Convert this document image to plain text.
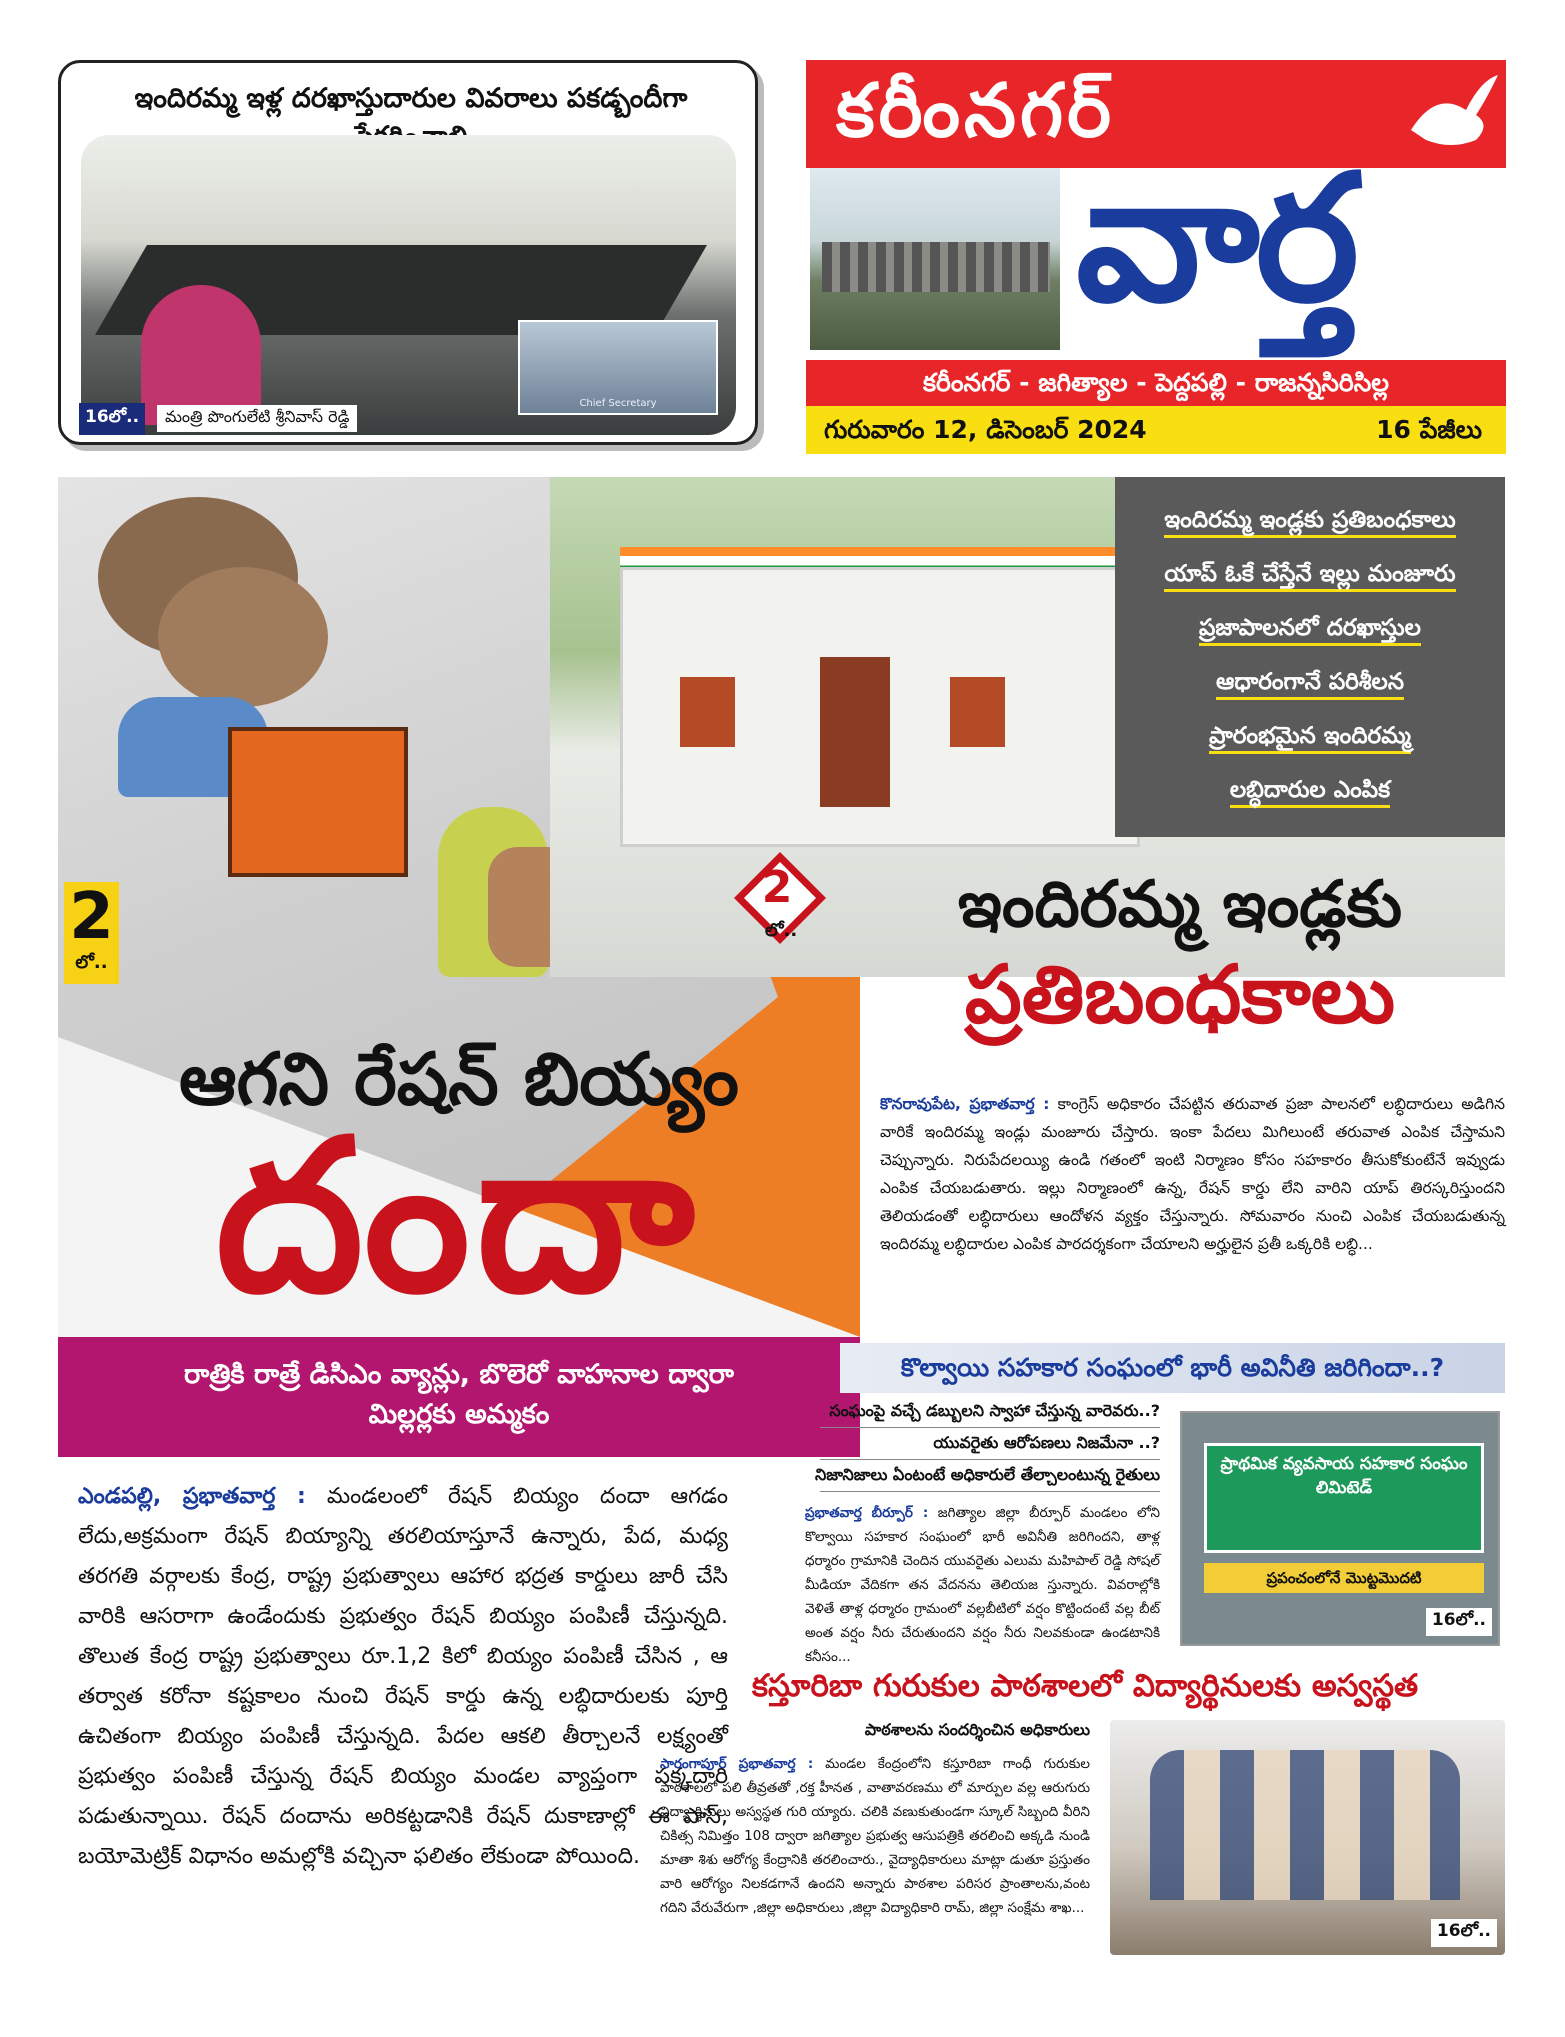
ఇందిరమ్మ ఇళ్ల దరఖాస్తుదారుల వివరాలు పకడ్బందీగా
Chief Secretary
16లో..	మంత్రి పొంగులేటి శ్రీనివాస్ రెడ్డి
కరీంనగర్
వార్త
కరీంనగర్ - జగిత్యాల - పెద్దపల్లి - రాజన్నసిరిసిల్ల
గురువారం 12, డిసెంబర్ 2024	16 పేజీలు
2
లో..
ఆగని రేషన్ బియ్యం
దందా
రాత్రికి రాత్రే డిసిఎం వ్యాన్లు, బొలెరో వాహనాల ద్వారా
మిల్లర్లకు అమ్మకం
ఎండపల్లి, ప్రభాతవార్త : మండలంలో రేషన్ బియ్యం దందా ఆగడం లేదు,అక్రమంగా రేషన్ బియ్యాన్ని తరలియాస్తూనే ఉన్నారు, పేద, మధ్య తరగతి వర్గాలకు కేంద్ర, రాష్ట్ర ప్రభుత్వాలు ఆహార భద్రత కార్డులు జారీ చేసి వారికి ఆసరాగా ఉండేందుకు ప్రభుత్వం రేషన్ బియ్యం పంపిణీ చేస్తున్నది. తొలుత కేంద్ర రాష్ట్ర ప్రభుత్వాలు రూ.1,2 కిలో బియ్యం పంపిణీ చేసిన , ఆ తర్వాత కరోనా కష్టకాలం నుంచి రేషన్ కార్డు ఉన్న లబ్ధిదారులకు పూర్తి ఉచితంగా బియ్యం పంపిణీ చేస్తున్నది. పేదల ఆకలి తీర్చాలనే లక్ష్యంతో ప్రభుత్వం పంపిణీ చేస్తున్న రేషన్ బియ్యం మండల వ్యాప్తంగా పక్కదారి పడుతున్నాయి. రేషన్ దందాను అరికట్టడానికి రేషన్ దుకాణాల్లో ఈ పాస్, బయోమెట్రిక్ విధానం అమల్లోకి వచ్చినా ఫలితం లేకుండా పోయింది.
ఇందిరమ్మ ఇండ్లకు ప్రతిబంధకాలు
యాప్ ఓకే చేస్తేనే ఇల్లు మంజూరు
ప్రజాపాలనలో దరఖాస్తుల
ఆధారంగానే పరిశీలన
ప్రారంభమైన ఇందిరమ్మ
లబ్ధిదారుల ఎంపిక
2
లో..	ఇందిరమ్మ ఇండ్లకు
ప్రతిబంధకాలు
కొనరావుపేట, ప్రభాతవార్త : కాంగ్రెస్ అధికారం చేపట్టిన తరువాత ప్రజా పాలనలో లబ్ధిదారులు అడిగిన వారికే ఇందిరమ్మ ఇండ్లు మంజూరు చేస్తారు. ఇంకా పేదలు మిగిలుంటే తరువాత ఎంపిక చేస్తామని చెప్పున్నారు. నిరుపేదలయ్యి ఉండి గతంలో ఇంటి నిర్మాణం కోసం సహకారం తీసుకోకుంటేనే ఇవ్వుడు ఎంపిక చేయబడుతారు. ఇల్లు నిర్మాణంలో ఉన్న, రేషన్ కార్డు లేని వారిని యాప్ తిరస్కరిస్తుందని తెలియడంతో లబ్ధిదారులు ఆందోళన వ్యక్తం చేస్తున్నారు. సోమవారం నుంచి ఎంపిక చేయబడుతున్న ఇందిరమ్మ లబ్ధిదారుల ఎంపిక పారదర్శకంగా చేయాలని అర్హులైన ప్రతీ ఒక్కరికి లబ్ధి...
కొల్వాయి సహకార సంఘంలో భారీ అవినీతి జరిగిందా..?
సంఘంపై వచ్చే డబ్బులని స్వాహా చేస్తున్న వారెవరు..?
యువరైతు ఆరోపణలు నిజమేనా ..?
నిజానిజాలు ఏంటంటే అధికారులే తేల్చాలంటున్న రైతులు
ప్రభాతవార్త బీర్పూర్ : జగిత్యాల జిల్లా బీర్పూర్ మండలం లోని కొల్వాయి సహకార సంఘంలో భారీ అవినీతి జరిగిందని, తాళ్ల ధర్మారం గ్రామానికి చెందిన యువరైతు ఎలుమ మహిపాల్ రెడ్డి సోషల్ మీడియా వేదికగా తన వేదనను తెలియజ స్తున్నారు. వివరాల్లోకి వెళితే తాళ్ల ధర్మారం గ్రామంలో వల్లబీటిలో వర్షం కొట్టిందంటే వల్ల బీట్ అంత వర్షం నీరు చేరుతుందని వర్షం నీరు నిలవకుండా ఉండటానికి కనీసం...
ప్రాథమిక వ్యవసాయ సహకార సంఘం లిమిటెడ్
ప్రపంచంలోనే మొట్టమొదటి
16లో..
కస్తూరిబా గురుకుల పాఠశాలలో విద్యార్థినులకు అస్వస్థత
పాఠశాలను సందర్శించిన అధికారులు
సారంగాపూర్ ప్రభాతవార్త : మండల కేంద్రంలోని కస్తూరిబా గాంధీ గురుకుల పాఠశాలలో పలి తీవ్రతతో ,రక్త హీనత , వాతావరణము లో మార్పుల వల్ల ఆరుగురు విద్యా ర్థినులు అస్వస్థత గురి య్యారు. చలికి వణుకుతుండగా స్కూల్ సిబ్బంది వీరిని చికిత్స నిమిత్తం 108 ద్వారా జగిత్యాల ప్రభుత్వ ఆసుపత్రికి తరలించి అక్కడి నుండి మాతా శిశు ఆరోగ్య కేంద్రానికి తరలించారు., వైద్యాధికారులు మాట్లా డుతూ ప్రస్తుతం వారి ఆరోగ్యం నిలకడగానే ఉందని అన్నారు పాఠశాల పరిసర ప్రాంతాలను,వంట గదిని వేరువేరుగా ,జిల్లా అధికారులు ,జిల్లా విద్యాధికారి రామ్, జిల్లా సంక్షేమ శాఖ...
16లో..
